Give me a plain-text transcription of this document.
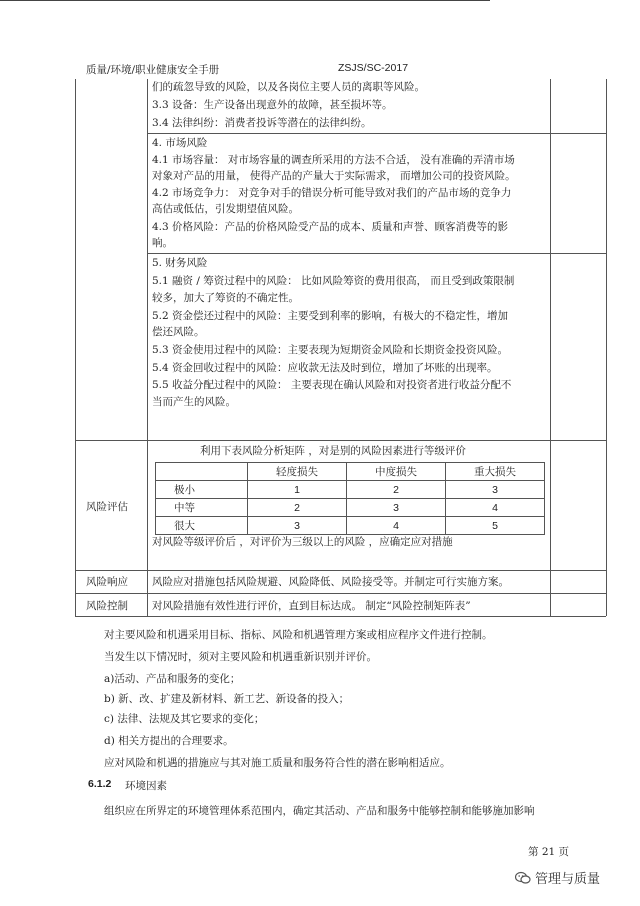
质量/环境/职业健康安全手册	ZSJS/SC-2017
们的疏忽导致的风险，以及各岗位主要人员的离职等风险。
3.3 设备：生产设备出现意外的故障，甚至损坏等。
3.4 法律纠纷：消费者投诉等潜在的法律纠纷。
4. 市场风险
4.1 市场容量： 对市场容量的调查所采用的方法不合适， 没有准确的弄清市场
对象对产品的用量， 使得产品的产量大于实际需求， 而增加公司的投资风险。
4.2 市场竞争力： 对竞争对手的错误分析可能导致对我们的产品市场的竞争力
高估或低估，引发期望值风险。
4.3 价格风险：产品的价格风险受产品的成本、质量和声誉、顾客消费等的影
响。
5. 财务风险
5.1 融资 / 筹资过程中的风险： 比如风险筹资的费用很高， 而且受到政策限制
较多，加大了筹资的不确定性。
5.2 资金偿还过程中的风险：主要受到利率的影响，有极大的不稳定性，增加
偿还风险。
5.3 资金使用过程中的风险：主要表现为短期资金风险和长期资金投资风险。
5.4 资金回收过程中的风险：应收款无法及时到位，增加了坏账的出现率。
5.5 收益分配过程中的风险： 主要表现在确认风险和对投资者进行收益分配不
当而产生的风险。
风险评估
利用下表风险分析矩阵 ，对是别的风险因素进行等级评价
	轻度损失	中度损失	重大损失
极小	1	2	3
中等	2	3	4
很大	3	4	5
对风险等级评价后 ，对评价为三级以上的风险 ，应确定应对措施
风险响应 风险应对措施包括风险规避、风险降低、风险接受等。并制定可行实施方案。
风险控制 对风险措施有效性进行评价，直到目标达成。 制定“风险控制矩阵表”
对主要风险和机遇采用目标、指标、风险和机遇管理方案或相应程序文件进行控制。
当发生以下情况时，须对主要风险和机遇重新识别并评价。
a)活动、产品和服务的变化；
b) 新、改、扩建及新材料、新工艺、新设备的投入；
c) 法律、法规及其它要求的变化；
d) 相关方提出的合理要求。
应对风险和机遇的措施应与其对施工质量和服务符合性的潜在影响相适应。
6.1.2 环境因素
组织应在所界定的环境管理体系范围内，确定其活动、产品和服务中能够控制和能够施加影响
第 21 页
管理与质量
